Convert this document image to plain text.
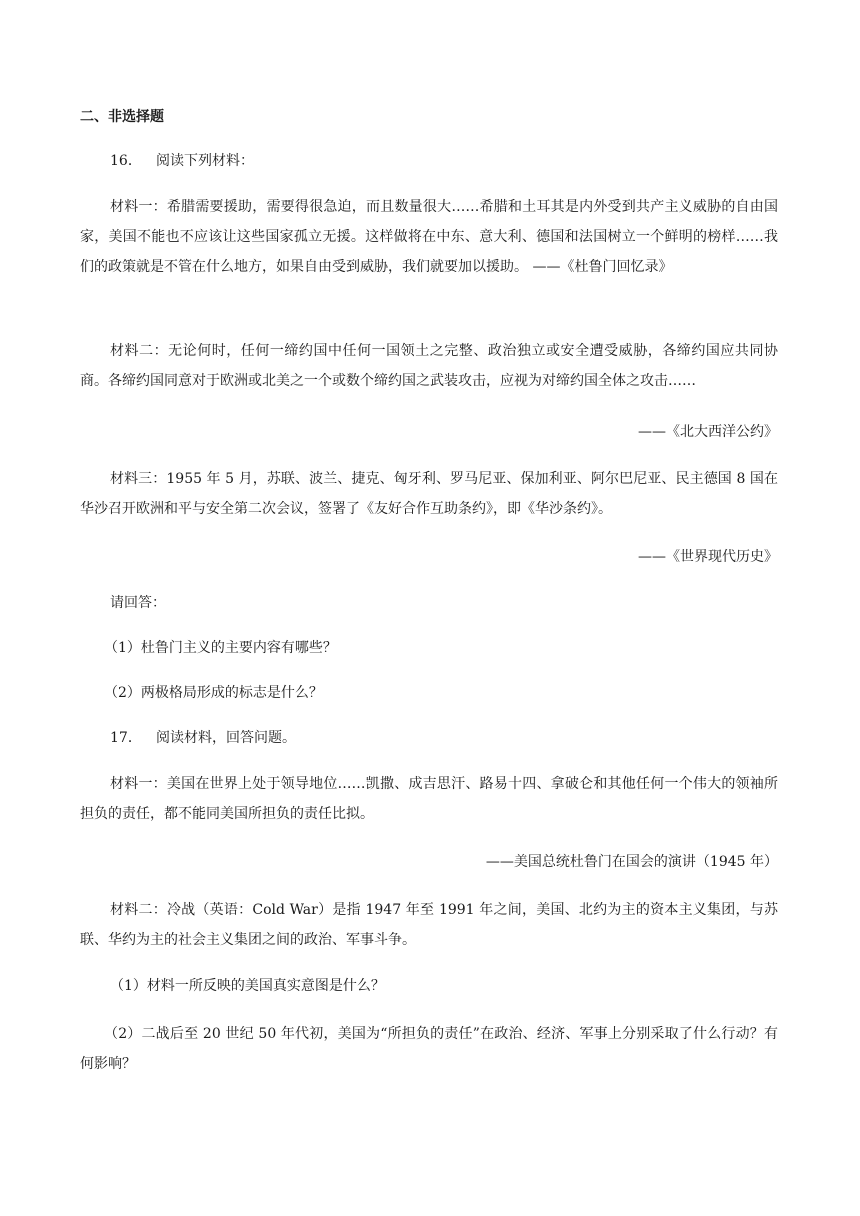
二、非选择题

16． 阅读下列材料：

材料一：希腊需要援助，需要得很急迫，而且数量很大……希腊和土耳其是内外受到共产主义威胁的自由国家，美国不能也不应该让这些国家孤立无援。这样做将在中东、意大利、德国和法国树立一个鲜明的榜样……我们的政策就是不管在什么地方，如果自由受到威胁，我们就要加以援助。 ——《杜鲁门回忆录》

材料二：无论何时，任何一缔约国中任何一国领土之完整、政治独立或安全遭受威胁，各缔约国应共同协商。各缔约国同意对于欧洲或北美之一个或数个缔约国之武装攻击，应视为对缔约国全体之攻击……

——《北大西洋公约》

材料三：1955 年 5 月，苏联、波兰、捷克、匈牙利、罗马尼亚、保加利亚、阿尔巴尼亚、民主德国 8 国在华沙召开欧洲和平与安全第二次会议，签署了《友好合作互助条约》，即《华沙条约》。

——《世界现代历史》

请回答：

（1）杜鲁门主义的主要内容有哪些？

（2）两极格局形成的标志是什么？

17． 阅读材料，回答问题。

材料一：美国在世界上处于领导地位……凯撒、成吉思汗、路易十四、拿破仑和其他任何一个伟大的领袖所担负的责任，都不能同美国所担负的责任比拟。

——美国总统杜鲁门在国会的演讲（1945 年）

材料二：冷战（英语：Cold War）是指 1947 年至 1991 年之间，美国、北约为主的资本主义集团，与苏联、华约为主的社会主义集团之间的政治、军事斗争。

（1）材料一所反映的美国真实意图是什么？

（2）二战后至 20 世纪 50 年代初，美国为“所担负的责任”在政治、经济、军事上分别采取了什么行动？有何影响？
